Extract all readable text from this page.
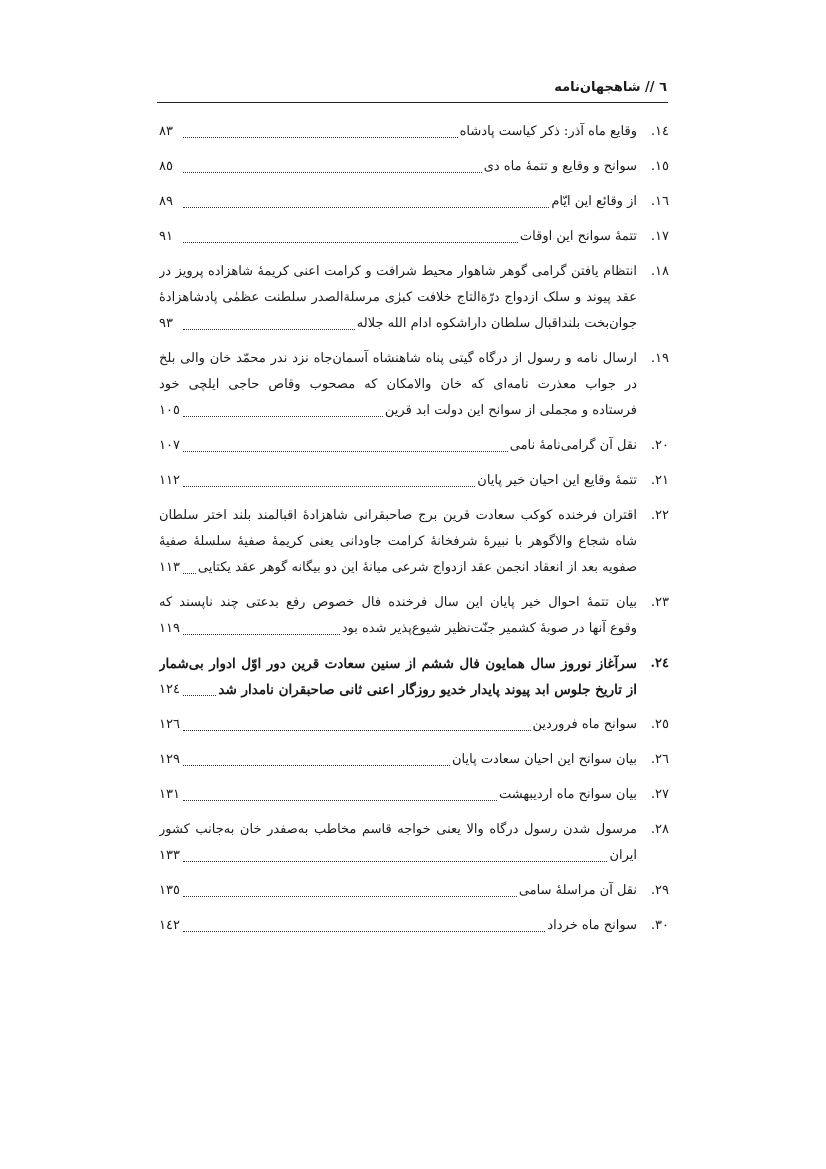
٦ // شاهجهان‌نامه
١٤.
وقایع ماه آذر: ذکر کیاست پادشاه
٨٣
١٥.
سوانح و وقایع و تتمهٔ ماه دی
٨٥
١٦.
از وقائع این ایّام
٨٩
١٧.
تتمهٔ سوانح این اوقات
٩١
١٨.
انتظام یافتن گرامی گوهر شاهوار محیط شرافت و کرامت اعنی کریمهٔ شاهزاده پرویز در
عقد پیوند و سلک ازدواج درّةالتاج خلافت کبرٰی مرسلةالصدر سلطنت عظمٰی پادشاهزادهٔ
جوان‌بخت بلنداقبال سلطان داراشکوه ادام الله جلاله
٩٣
١٩.
ارسال نامه و رسول از درگاه گیتی پناه شاهنشاه آسمان‌جاه نزد ندر محمّد خان والی بلخ
در جواب معذرت نامه‌ای که خان والامکان که مصحوب وقاص حاجی ایلچی خود
فرستاده و مجملی از سوانح این دولت ابد قرین
١٠٥
٢٠.
نقل آن گرامی‌نامهٔ نامی
١٠٧
٢١.
تتمهٔ وقایع این احیان خیر پایان
١١٢
٢٢.
اقتران فرخنده کوکب سعادت قرین برج صاحبقرانی شاهزادهٔ اقبالمند بلند اختر سلطان
شاه شجاع والاگوهر با نبیرهٔ شرفخانهٔ کرامت جاودانی یعنی کریمهٔ صفیهٔ سلسلهٔ صفیهٔ
صفویه بعد از انعقاد انجمن عقد ازدواج شرعی میانهٔ این دو بیگانه گوهر عقد یکتایی
١١٣
٢٣.
بیان تتمهٔ احوال خیر پایان این سال فرخنده فال خصوص رفع بدعتی چند ناپسند که
وقوع آنها در صوبهٔ کشمیر جنّت‌نظیر شیوع‌پذیر شده بود
١١٩
٢٤.
سرآغاز نوروز سال همایون فال ششم از سنین سعادت قرین دور اوّل ادوار بی‌شمار
از تاریخ جلوس ابد پیوند پایدار خدیو روزگار اعنی ثانی صاحبقران نامدار شد
١٢٤
٢٥.
سوانح ماه فروردین
١٢٦
٢٦.
بیان سوانح این احیان سعادت پایان
١٢٩
٢٧.
بیان سوانح ماه اردیبهشت
١٣١
٢٨.
مرسول شدن رسول درگاه والا یعنی خواجه قاسم مخاطب به‌صفدر خان به‌جانب کشور
ایران
١٣٣
٢٩.
نقل آن مراسلهٔ سامی
١٣٥
٣٠.
سوانح ماه خرداد
١٤٢
